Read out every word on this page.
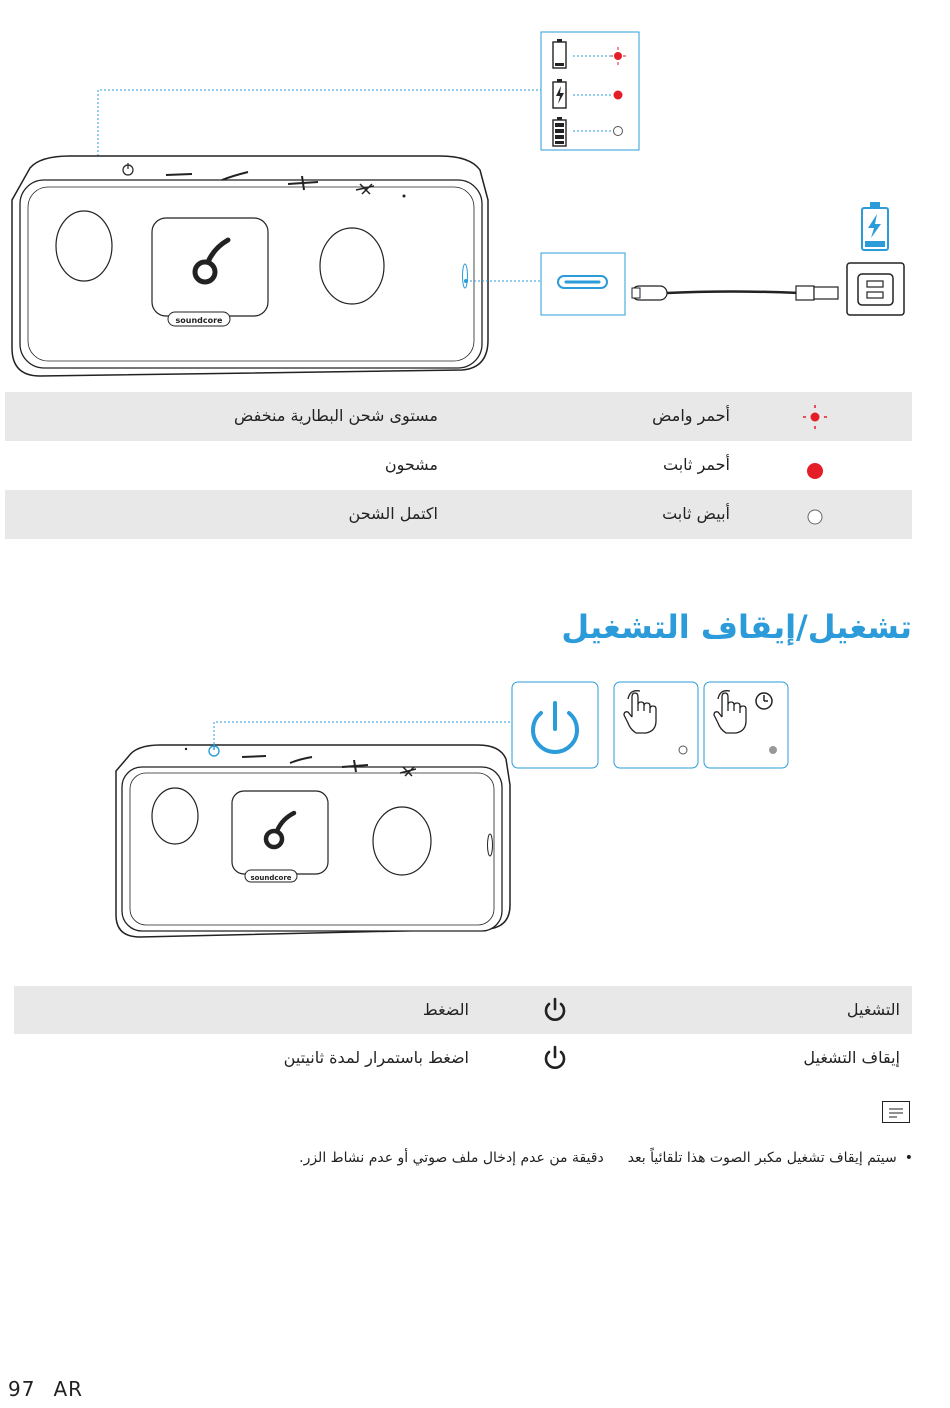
soundcore
أحمر وامض
مستوى شحن البطارية منخفض
أحمر ثابت
مشحون
أبيض ثابت
اكتمل الشحن
تشغيل/إيقاف التشغيل
soundcore
التشغيل
الضغط
إيقاف التشغيل
اضغط باستمرار لمدة ثانيتين
•سيتم إيقاف تشغيل مكبر الصوت هذا تلقائياً بعددقيقة من عدم إدخال ملف صوتي أو عدم نشاط الزر.
97 AR
